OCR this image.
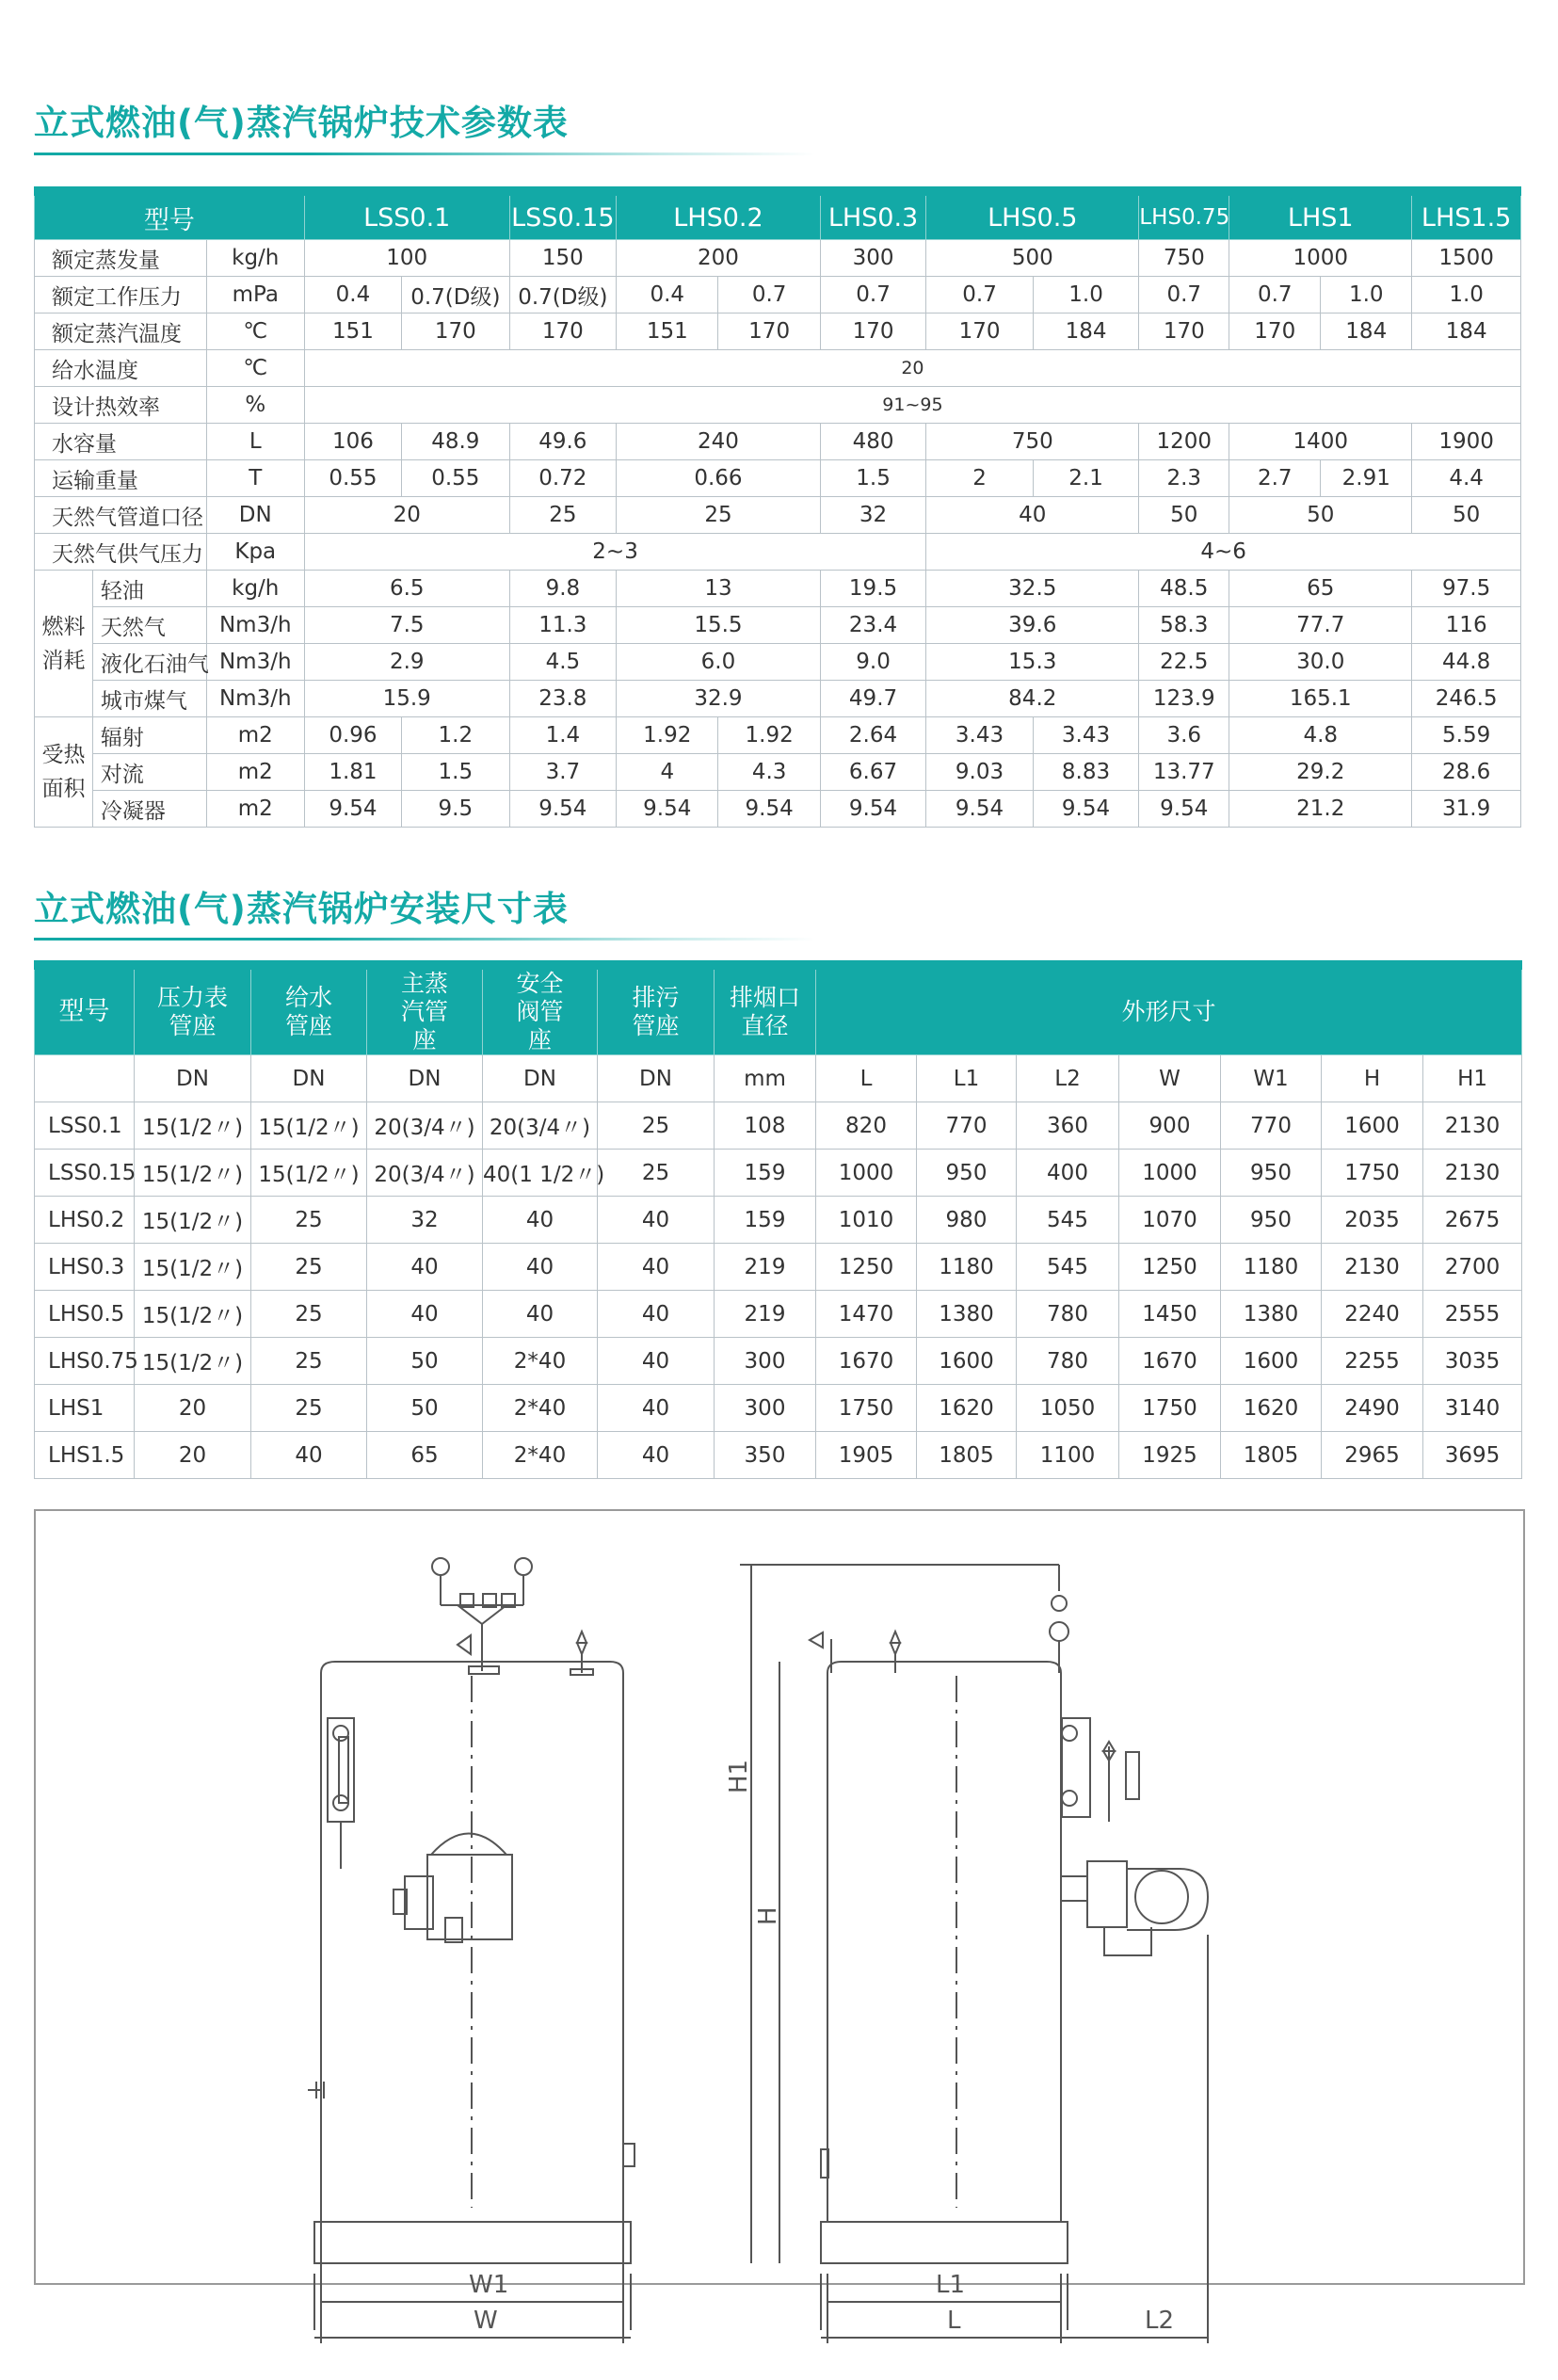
立式燃油(气)蒸汽锅炉技术参数表

型号			LSS0.1		LSS0.15	LHS0.2		LHS0.3	LHS0.5		LHS0.75	LHS1		LHS1.5
额定蒸发量		kg/h	100		150	200		300	500		750	1000		1500
额定工作压力		mPa	0.4	0.7(D级)	0.7(D级)	0.4	0.7	0.7	0.7	1.0	0.7	0.7	1.0	1.0
额定蒸汽温度		℃	151	170	170	151	170	170	170	184	170	170	184	184
给水温度		℃	20											
设计热效率		%	91~95											
水容量		L	106	48.9	49.6	240		480	750		1200	1400		1900
运输重量		T	0.55	0.55	0.72	0.66		1.5	2	2.1	2.3	2.7	2.91	4.4
天然气管道口径		DN	20		25	25		32	40		50	50		50
天然气供气压力		Kpa	2~3						4~6					
燃料消耗	轻油	kg/h	6.5		9.8	13		19.5	32.5		48.5	65		97.5
	天然气	Nm3/h	7.5		11.3	15.5		23.4	39.6		58.3	77.7		116
	液化石油气	Nm3/h	2.9		4.5	6.0		9.0	15.3		22.5	30.0		44.8
	城市煤气	Nm3/h	15.9		23.8	32.9		49.7	84.2		123.9	165.1		246.5
受热面积	辐射	m2	0.96	1.2	1.4	1.92	1.92	2.64	3.43	3.43	3.6	4.8		5.59
	对流	m2	1.81	1.5	3.7	4	4.3	6.67	9.03	8.83	13.77	29.2		28.6
	冷凝器	m2	9.54	9.5	9.54	9.54	9.54	9.54	9.54	9.54	9.54	21.2		31.9
立式燃油(气)蒸汽锅炉安装尺寸表

型号	压力表管座	给水管座	主蒸汽管座	安全阀管座	排污管座	排烟口直径	外形尺寸						
	DN	DN	DN	DN	DN	mm	L	L1	L2	W	W1	H	H1
LSS0.1	15(1/2〃)	15(1/2〃)	20(3/4〃)	20(3/4〃)	25	108	820	770	360	900	770	1600	2130
LSS0.15	15(1/2〃)	15(1/2〃)	20(3/4〃)	40(1 1/2〃)	25	159	1000	950	400	1000	950	1750	2130
LHS0.2	15(1/2〃)	25	32	40	40	159	1010	980	545	1070	950	2035	2675
LHS0.3	15(1/2〃)	25	40	40	40	219	1250	1180	545	1250	1180	2130	2700
LHS0.5	15(1/2〃)	25	40	40	40	219	1470	1380	780	1450	1380	2240	2555
LHS0.75	15(1/2〃)	25	50	2*40	40	300	1670	1600	780	1670	1600	2255	3035
LHS1	20	25	50	2*40	40	300	1750	1620	1050	1750	1620	2490	3140
LHS1.5	20	40	65	2*40	40	350	1905	1805	1100	1925	1805	2965	3695
W1
W
L1
L	L2
H1
H
